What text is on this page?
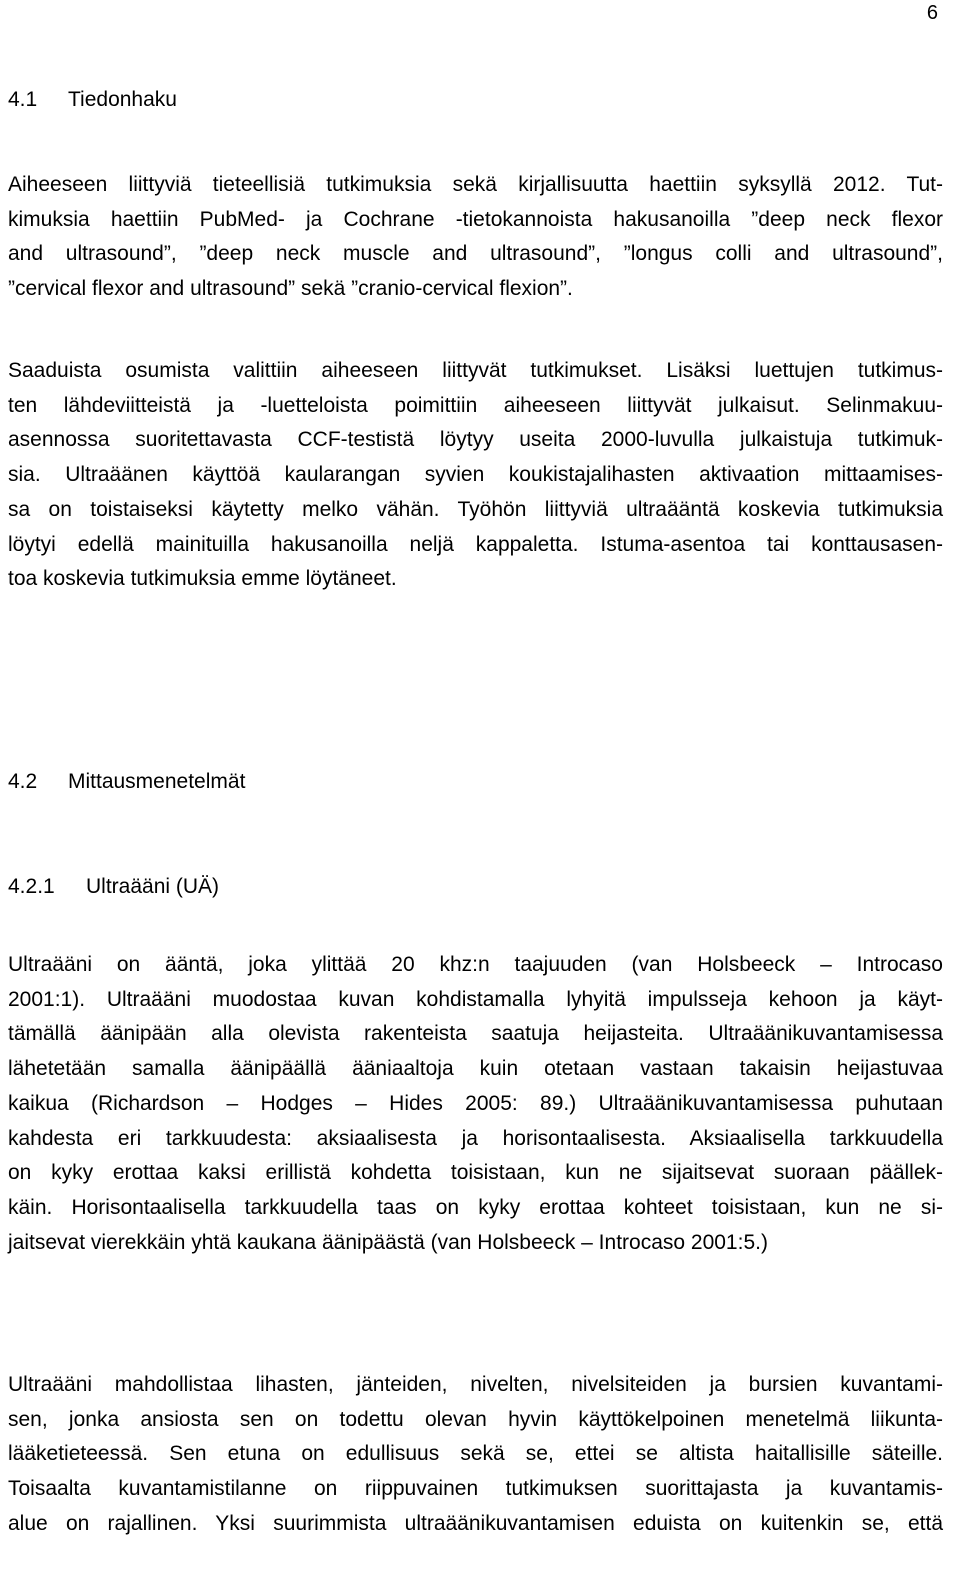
6
4.1 Tiedonhaku
Aiheeseen liittyviä tieteellisiä tutkimuksia sekä kirjallisuutta haettiin syksyllä 2012. Tut-
kimuksia haettiin PubMed- ja Cochrane -tietokannoista hakusanoilla ”deep neck flexor
and ultrasound”, ”deep neck muscle and ultrasound”, ”longus colli and ultrasound”,
”cervical flexor and ultrasound” sekä ”cranio-cervical flexion”.
Saaduista osumista valittiin aiheeseen liittyvät tutkimukset. Lisäksi luettujen tutkimus-
ten lähdeviitteistä ja -luetteloista poimittiin aiheeseen liittyvät julkaisut. Selinmakuu-
asennossa suoritettavasta CCF-testistä löytyy useita 2000-luvulla julkaistuja tutkimuk-
sia. Ultraäänen käyttöä kaularangan syvien koukistajalihasten aktivaation mittaamises-
sa on toistaiseksi käytetty melko vähän. Työhön liittyviä ultraääntä koskevia tutkimuksia
löytyi edellä mainituilla hakusanoilla neljä kappaletta. Istuma-asentoa tai konttausasen-
toa koskevia tutkimuksia emme löytäneet.
4.2 Mittausmenetelmät
4.2.1 Ultraääni (UÄ)
Ultraääni on ääntä, joka ylittää 20 khz:n taajuuden (van Holsbeeck – Introcaso
2001:1). Ultraääni muodostaa kuvan kohdistamalla lyhyitä impulsseja kehoon ja käyt-
tämällä äänipään alla olevista rakenteista saatuja heijasteita. Ultraäänikuvantamisessa
lähetetään samalla äänipäällä ääniaaltoja kuin otetaan vastaan takaisin heijastuvaa
kaikua (Richardson – Hodges – Hides 2005: 89.) Ultraäänikuvantamisessa puhutaan
kahdesta eri tarkkuudesta: aksiaalisesta ja horisontaalisesta. Aksiaalisella tarkkuudella
on kyky erottaa kaksi erillistä kohdetta toisistaan, kun ne sijaitsevat suoraan päällek-
käin. Horisontaalisella tarkkuudella taas on kyky erottaa kohteet toisistaan, kun ne si-
jaitsevat vierekkäin yhtä kaukana äänipäästä (van Holsbeeck – Introcaso 2001:5.)
Ultraääni mahdollistaa lihasten, jänteiden, nivelten, nivelsiteiden ja bursien kuvantami-
sen, jonka ansiosta sen on todettu olevan hyvin käyttökelpoinen menetelmä liikunta-
lääketieteessä. Sen etuna on edullisuus sekä se, ettei se altista haitallisille säteille.
Toisaalta kuvantamistilanne on riippuvainen tutkimuksen suorittajasta ja kuvantamis-
alue on rajallinen. Yksi suurimmista ultraäänikuvantamisen eduista on kuitenkin se, että
